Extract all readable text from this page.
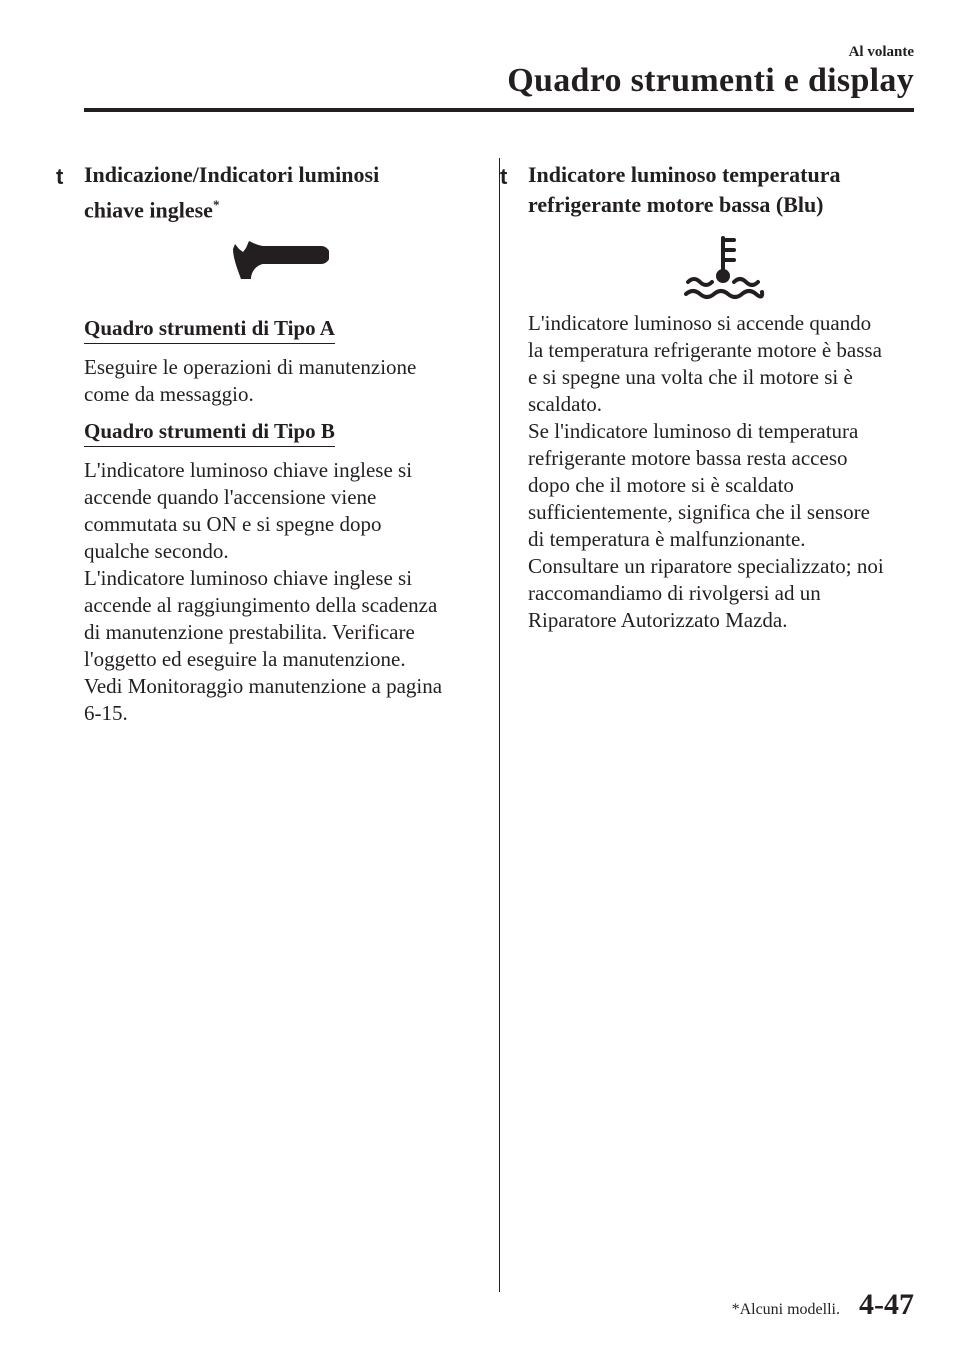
Al volante
Quadro strumenti e display
t Indicazione/Indicatori luminosi
chiave inglese*
Quadro strumenti di Tipo A
Eseguire le operazioni di manutenzione
come da messaggio.
Quadro strumenti di Tipo B
L'indicatore luminoso chiave inglese si
accende quando l'accensione viene
commutata su ON e si spegne dopo
qualche secondo.
L'indicatore luminoso chiave inglese si
accende al raggiungimento della scadenza
di manutenzione prestabilita. Verificare
l'oggetto ed eseguire la manutenzione.
Vedi Monitoraggio manutenzione a pagina
6-15.
t Indicatore luminoso temperatura
refrigerante motore bassa (Blu)
L'indicatore luminoso si accende quando
la temperatura refrigerante motore è bassa
e si spegne una volta che il motore si è
scaldato.
Se l'indicatore luminoso di temperatura
refrigerante motore bassa resta acceso
dopo che il motore si è scaldato
sufficientemente, significa che il sensore
di temperatura è malfunzionante.
Consultare un riparatore specializzato; noi
raccomandiamo di rivolgersi ad un
Riparatore Autorizzato Mazda.
*Alcuni modelli. 4-47
